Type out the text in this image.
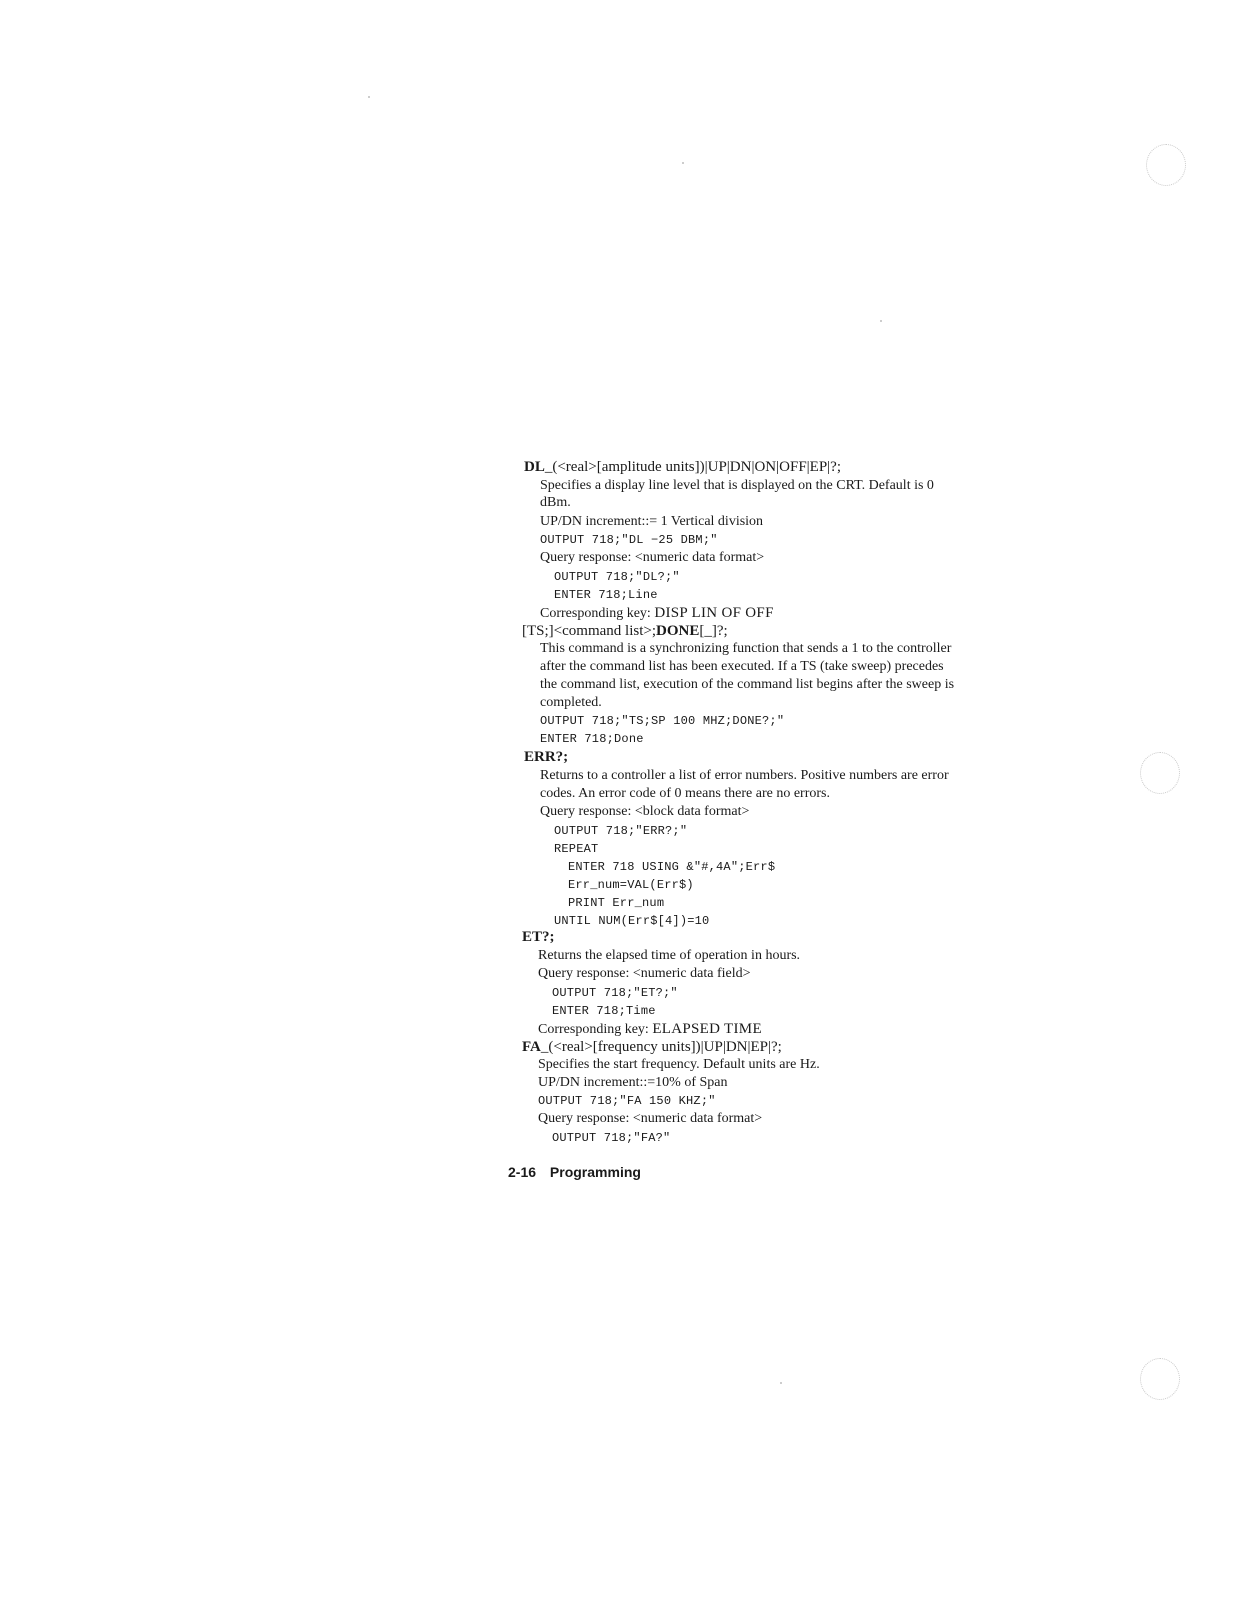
DL_(<real>[amplitude units])|UP|DN|ON|OFF|EP|?;
Specifies a display line level that is displayed on the CRT. Default is 0
dBm.
UP/DN increment::= 1 Vertical division
OUTPUT 718;"DL −25 DBM;"
Query response: <numeric data format>
OUTPUT 718;"DL?;"
ENTER 718;Line
Corresponding key: DISP LIN OF OFF
[TS;]<command list>;DONE[_]?;
This command is a synchronizing function that sends a 1 to the controller
after the command list has been executed. If a TS (take sweep) precedes
the command list, execution of the command list begins after the sweep is
completed.
OUTPUT 718;"TS;SP 100 MHZ;DONE?;"
ENTER 718;Done
ERR?;
Returns to a controller a list of error numbers. Positive numbers are error
codes. An error code of 0 means there are no errors.
Query response: <block data format>
OUTPUT 718;"ERR?;"
REPEAT
ENTER 718 USING &"#,4A";Err$
Err_num=VAL(Err$)
PRINT Err_num
UNTIL NUM(Err$[4])=10
ET?;
Returns the elapsed time of operation in hours.
Query response: <numeric data field>
OUTPUT 718;"ET?;"
ENTER 718;Time
Corresponding key: ELAPSED TIME
FA_(<real>[frequency units])|UP|DN|EP|?;
Specifies the start frequency. Default units are Hz.
UP/DN increment::=10% of Span
OUTPUT 718;"FA 150 KHZ;"
Query response: <numeric data format>
OUTPUT 718;"FA?"
2-16 Programming
